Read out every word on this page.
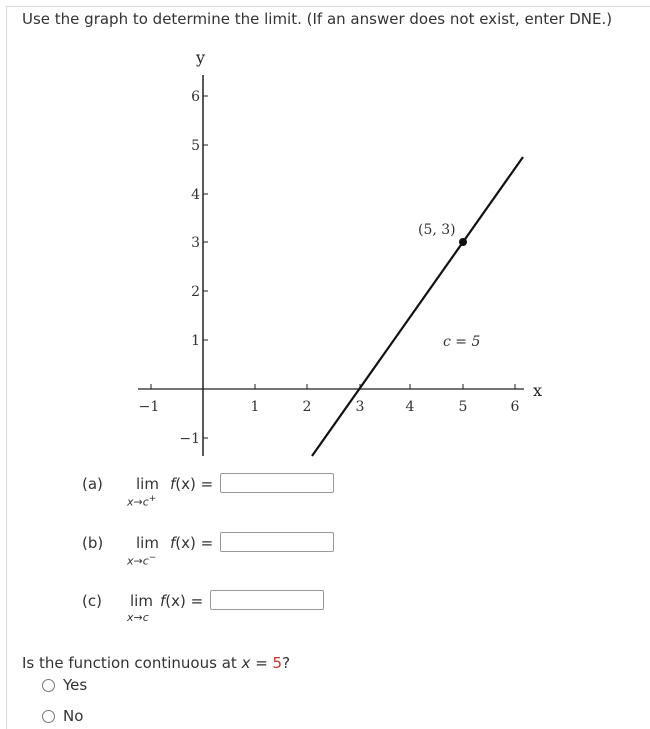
Use the graph to determine the limit. (If an answer does not exist, enter DNE.)
−1	1	2	3	4	5	6
6
5
4
3
2
1
−1
x
y
(5, 3)
c = 5
(a) lim
x→c+
f(x) =
(b) lim
x→c−
f(x) =
(c) lim
x→c
f(x) =
Is the function continuous at x = 5?
Yes
No
